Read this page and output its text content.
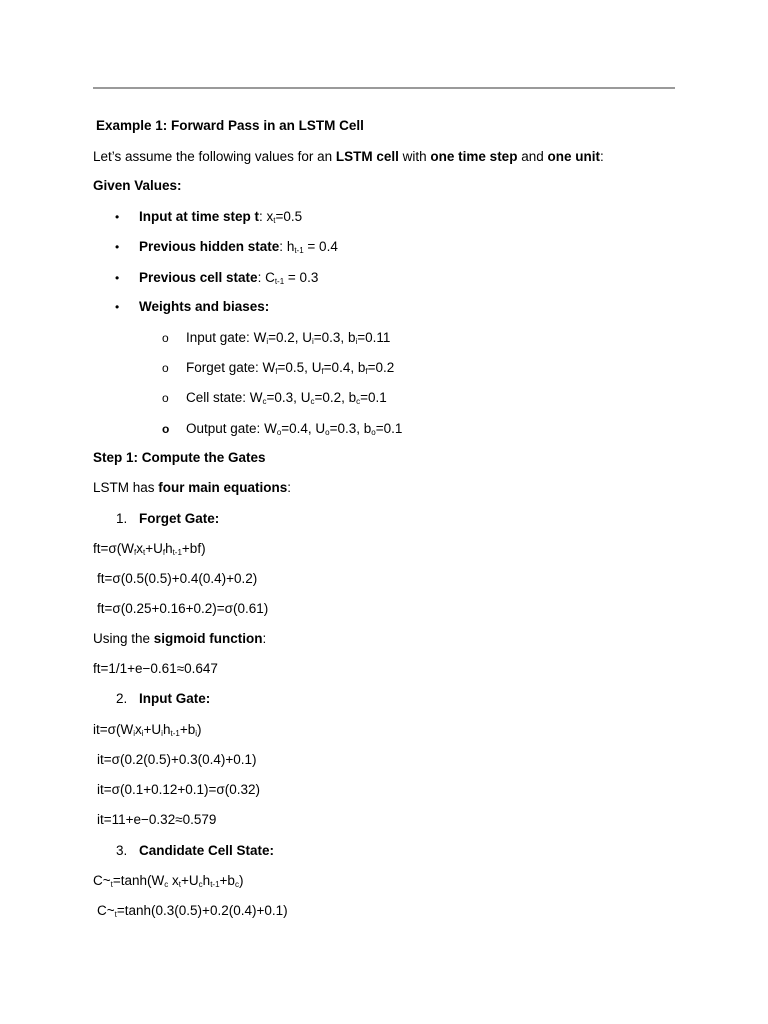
Example 1: Forward Pass in an LSTM Cell
Let’s assume the following values for an LSTM cell with one time step and one unit:
Given Values:
• Input at time step t: $x_t=0.5$
• Previous hidden state: $h_{t-1} = 0.4$
• Previous cell state: $C_{t-1} = 0.3$
• Weights and biases:
o Input gate: $W_i=0.2$, $U_i=0.3$, $b_i=0.11$
o Forget gate: $W_f=0.5$, $U_f=0.4$, $b_f=0.2$
o Cell state: $W_c=0.3$, $U_c=0.2$, $b_c=0.1$
o Output gate: $W_o=0.4$, $U_o=0.3$, $b_o=0.1$
Step 1: Compute the Gates
LSTM has four main equations:
1. Forget Gate:
$ft=\sigma(W_fx_t+U_fh_{t-1}+bf)$
ft=σ(0.5(0.5)+0.4(0.4)+0.2)
ft=σ(0.25+0.16+0.2)=σ(0.61)
Using the sigmoid function:
ft=1/1+e−0.61≈0.647
2. Input Gate:
$it=\sigma(W_ix_i+U_ih_{t-1}+b_i)$
it=σ(0.2(0.5)+0.3(0.4)+0.1)
it=σ(0.1+0.12+0.1)=σ(0.32)
it=11+e−0.32≈0.579
3. Candidate Cell State:
$C\sim_t=\tanh(W_c$ $x_t+U_ch_{t-1}+b_c$)
$C\sim_t=\tanh(0.3(0.5)+0.2(0.4)+0.1)$
